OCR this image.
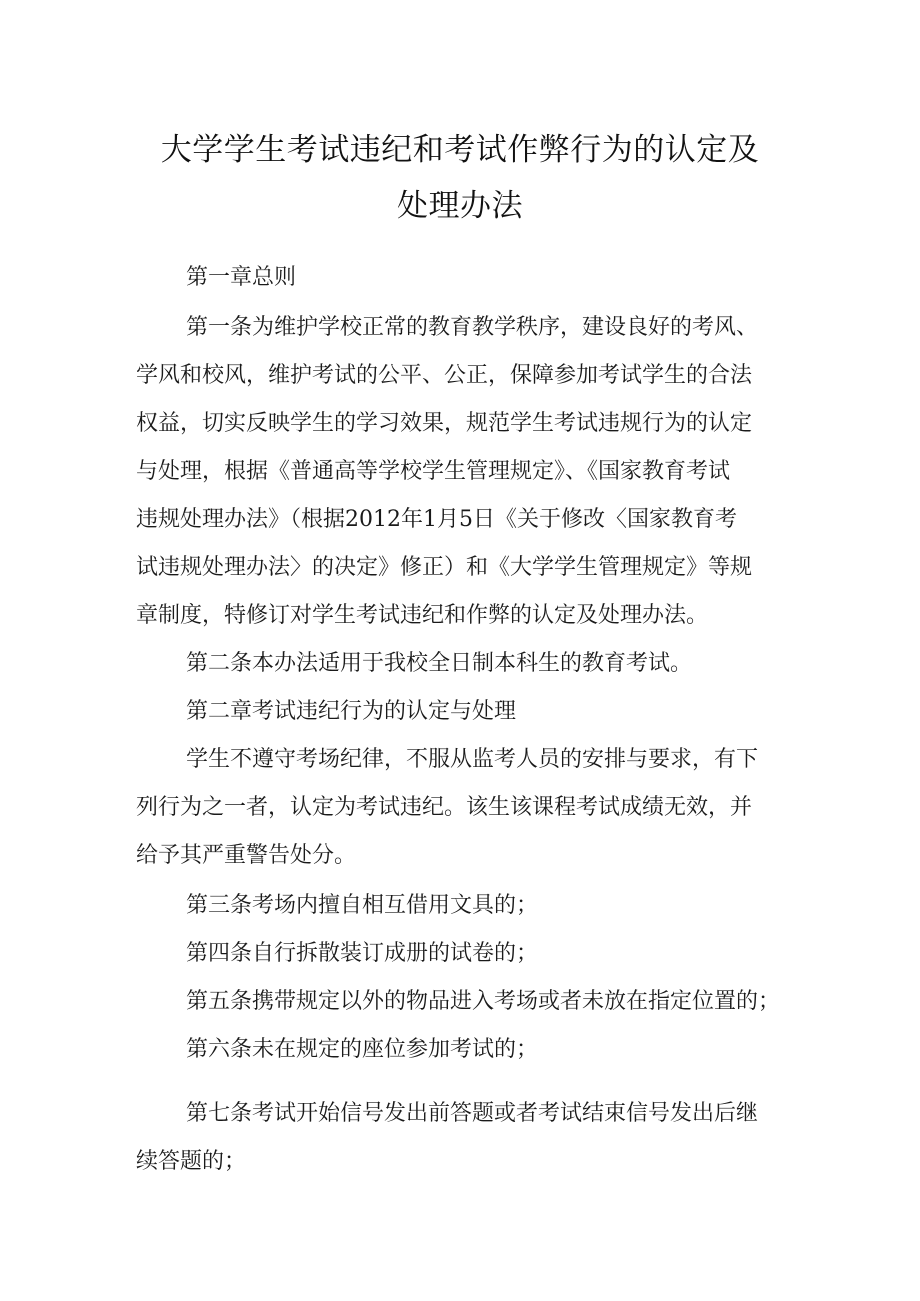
大学学生考试违纪和考试作弊行为的认定及
处理办法
第一章总则
第一条为维护学校正常的教育教学秩序，建设良好的考风、
学风和校风，维护考试的公平、公正，保障参加考试学生的合法
权益，切实反映学生的学习效果，规范学生考试违规行为的认定
与处理，根据《普通高等学校学生管理规定》、《国家教育考试
违规处理办法》（根据2012年1月5日《关于修改〈国家教育考
试违规处理办法〉的决定》修正）和《大学学生管理规定》等规
章制度，特修订对学生考试违纪和作弊的认定及处理办法。
第二条本办法适用于我校全日制本科生的教育考试。
第二章考试违纪行为的认定与处理
学生不遵守考场纪律，不服从监考人员的安排与要求，有下
列行为之一者，认定为考试违纪。该生该课程考试成绩无效，并
给予其严重警告处分。
第三条考场内擅自相互借用文具的；
第四条自行拆散装订成册的试卷的；
第五条携带规定以外的物品进入考场或者未放在指定位置的；
第六条未在规定的座位参加考试的；
第七条考试开始信号发出前答题或者考试结束信号发出后继
续答题的；
